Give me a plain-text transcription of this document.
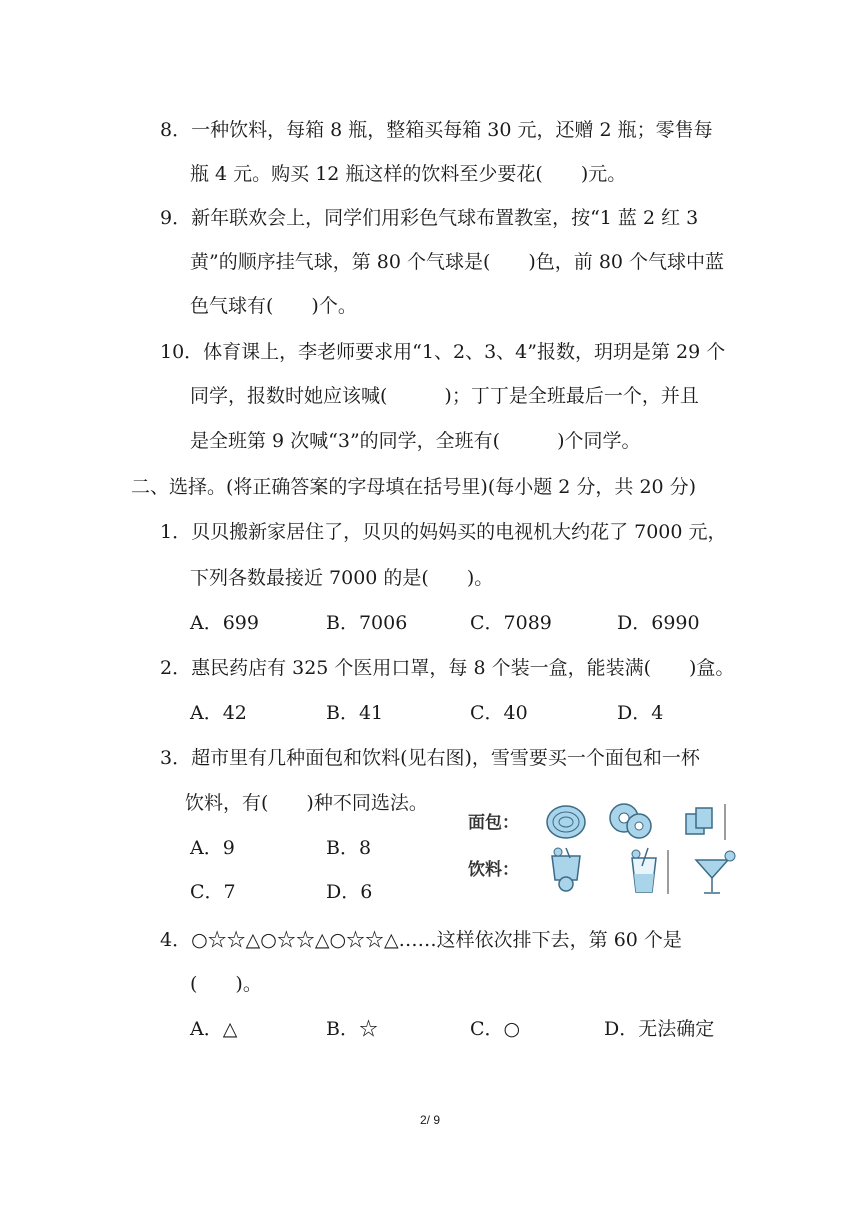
8．一种饮料，每箱 8 瓶，整箱买每箱 30 元，还赠 2 瓶；零售每
瓶 4 元。购买 12 瓶这样的饮料至少要花(　　)元。
9．新年联欢会上，同学们用彩色气球布置教室，按“1 蓝 2 红 3
黄”的顺序挂气球，第 80 个气球是(　　)色，前 80 个气球中蓝
色气球有(　　)个。
10．体育课上，李老师要求用“1、2、3、4”报数，玥玥是第 29 个
同学，报数时她应该喊(　　　)；丁丁是全班最后一个，并且
是全班第 9 次喊“3”的同学，全班有(　　　)个同学。
二、选择。(将正确答案的字母填在括号里)(每小题 2 分，共 20 分)
1．贝贝搬新家居住了，贝贝的妈妈买的电视机大约花了 7000 元，
下列各数最接近 7000 的是(　　)。
A．699	B．7006	C．7089	D．6990
2．惠民药店有 325 个医用口罩，每 8 个装一盒，能装满(　　)盒。
A．42	B．41	C．40	D．4
3．超市里有几种面包和饮料(见右图)，雪雪要买一个面包和一杯
饮料，有(　　)种不同选法。
A．9	B．8
C．7	D．6
面包：
饮料：
4．○☆☆△○☆☆△○☆☆△……这样依次排下去，第 60 个是
(　　)。
A．△	B．☆	C．○	D．无法确定
2/ 9
